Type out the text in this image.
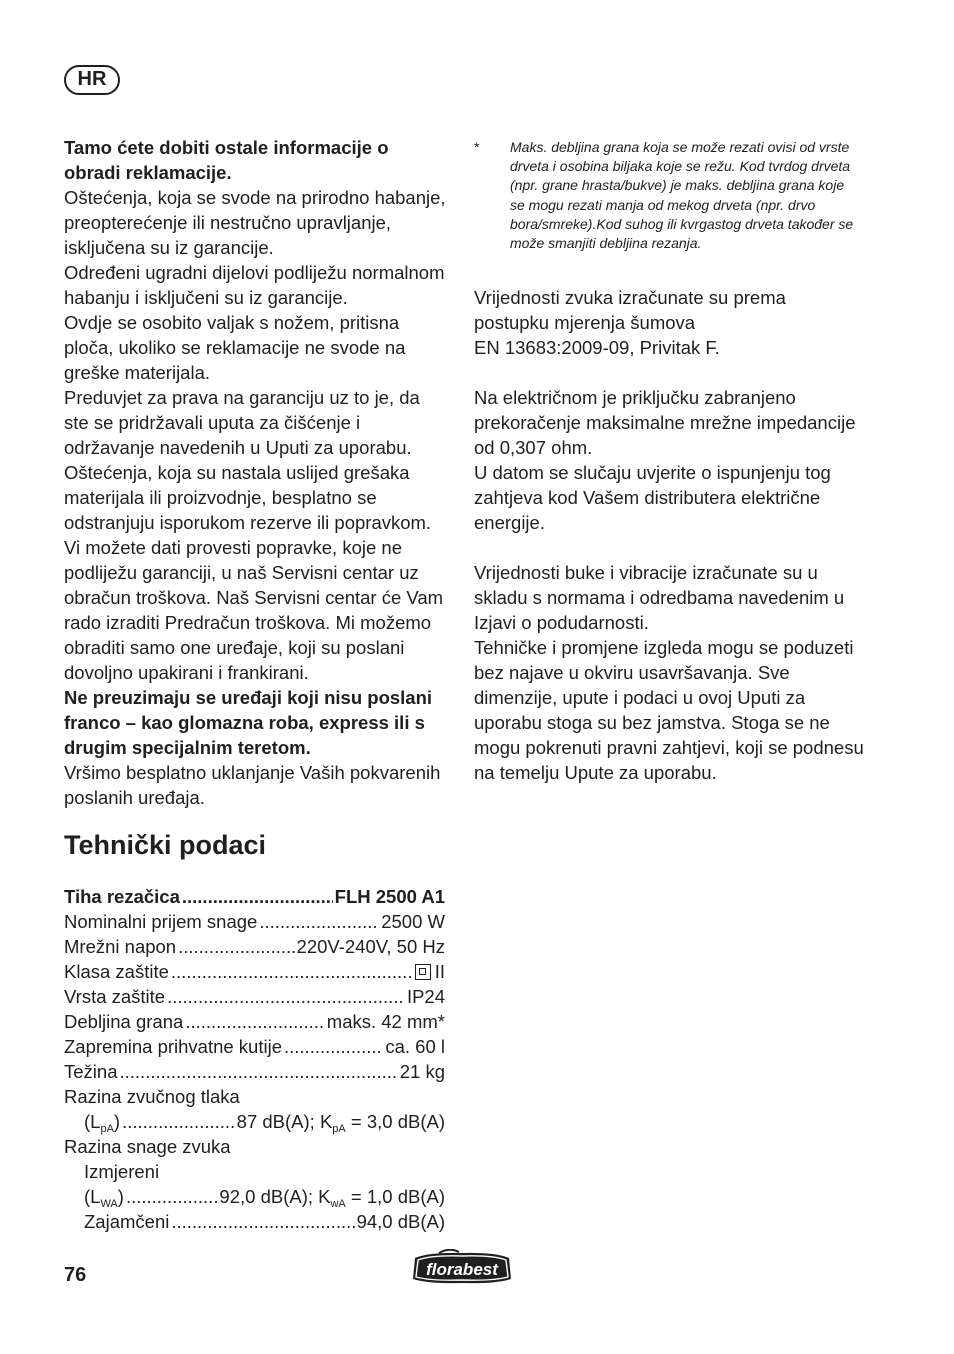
HR

Tamo ćete dobiti ostale informacije o obradi reklamacije.

Oštećenja, koja se svode na prirodno habanje, preopterećenje ili nestručno upravljanje, isključena su iz garancije.

Određeni ugradni dijelovi podliježu normalnom habanju i isključeni su iz garancije.

Ovdje se osobito valjak s nožem, pritisna ploča, ukoliko se reklamacije ne svode na greške materijala.

Preduvjet za prava na garanciju uz to je, da ste se pridržavali uputa za čišćenje i održavanje navedenih u Uputi za uporabu.

Oštećenja, koja su nastala uslijed grešaka materijala ili proizvodnje, besplatno se odstranjuju isporukom rezerve ili popravkom.

Vi možete dati provesti popravke, koje ne podliježu garanciji, u naš Servisni centar uz obračun troškova. Naš Servisni centar će Vam rado izraditi Predračun troškova. Mi možemo obraditi samo one uređaje, koji su poslani dovoljno upakirani i frankirani.

Ne preuzimaju se uređaji koji nisu poslani franco – kao glomazna roba, express ili s drugim specijalnim teretom.

Vršimo besplatno uklanjanje Vaših pokvarenih poslanih uređaja.

Tehnički podaci
Tiha rezačica .....	FLH 2500 A1
Nominalni prijem snage .....	2500 W
Mrežni napon .....	220V-240V, 50 Hz
Klasa zaštite .....	II
Vrsta zaštite .....	IP24
Debljina grana .....	maks. 42 mm*
Zapremina prihvatne kutije .....	ca. 60 l
Težina .....	21 kg
Razina zvučnog tlaka
$(L_{pA})$ .....	87 dB(A); $K_{pA} = 3,0$ dB(A)
Razina snage zvuka
Izmjereni
$(L_{WA})$ .....	92,0 dB(A); $K_{wA} = 1,0$ dB(A)
Zajamčeni .....	94,0 dB(A)
*	Maks. debljina grana koja se može rezati ovisi od vrste drveta i osobina biljaka koje se režu. Kod tvrdog drveta (npr. grane hrasta/bukve) je maks. debljina grana koje se mogu rezati manja od mekog drveta (npr. drvo bora/smreke).Kod suhog ili kvrgastog drveta također se može smanjiti debljina rezanja.

Vrijednosti zvuka izračunate su prema postupku mjerenja šumova

EN 13683:2009-09, Privitak F.

Na električnom je priključku zabranjeno prekoračenje maksimalne mrežne impedancije od 0,307 ohm.

U datom se slučaju uvjerite o ispunjenju tog zahtjeva kod Vašem distributera električne energije.

Vrijednosti buke i vibracije izračunate su u skladu s normama i odredbama navedenim u Izjavi o podudarnosti.

Tehničke i promjene izgleda mogu se poduzeti bez najave u okviru usavršavanja. Sve dimenzije, upute i podaci u ovoj Uputi za uporabu stoga su bez jamstva. Stoga se ne mogu pokrenuti pravni zahtjevi, koji se podnesu na temelju Upute za uporabu.

76	florabest
